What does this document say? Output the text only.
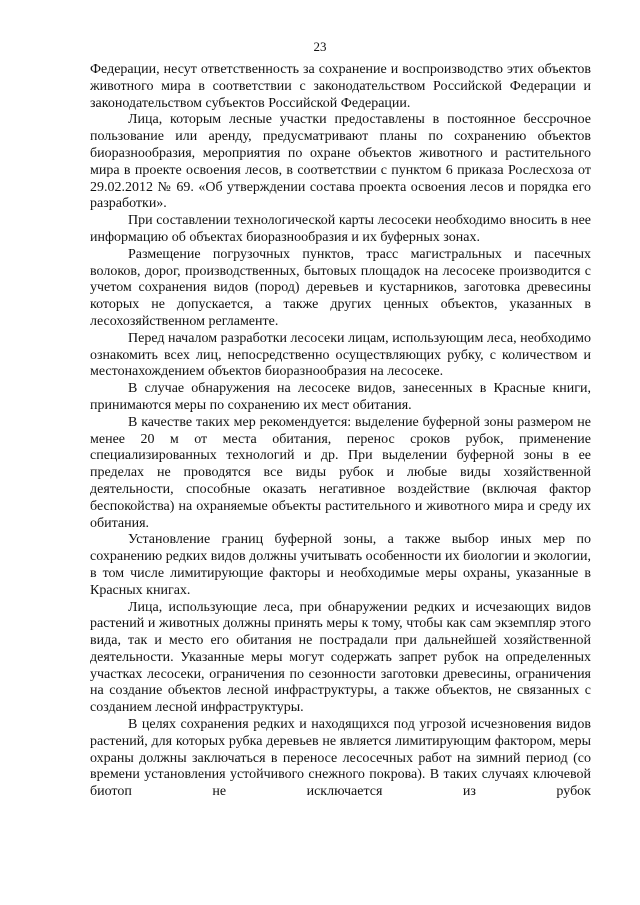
23

Федерации, несут ответственность за сохранение и воспроизводство этих объектов животного мира в соответствии с законодательством Российской Федерации и законодательством субъектов Российской Федерации.

Лица, которым лесные участки предоставлены в постоянное бессрочное пользование или аренду, предусматривают планы по сохранению объектов биоразнообразия, мероприятия по охране объектов животного и растительного мира в проекте освоения лесов, в соответствии с пунктом 6 приказа Рослесхоза от 29.02.2012 № 69. «Об утверждении состава проекта освоения лесов и порядка его разработки».

При составлении технологической карты лесосеки необходимо вносить в нее информацию об объектах биоразнообразия и их буферных зонах.

Размещение погрузочных пунктов, трасс магистральных и пасечных волоков, дорог, производственных, бытовых площадок на лесосеке производится с учетом сохранения видов (пород) деревьев и кустарников, заготовка древесины которых не допускается, а также других ценных объектов, указанных в лесохозяйственном регламенте.

Перед началом разработки лесосеки лицам, использующим леса, необходимо ознакомить всех лиц, непосредственно осуществляющих рубку, с количеством и местонахождением объектов биоразнообразия на лесосеке.

В случае обнаружения на лесосеке видов, занесенных в Красные книги, принимаются меры по сохранению их мест обитания.

В качестве таких мер рекомендуется: выделение буферной зоны размером не менее 20 м от места обитания, перенос сроков рубок, применение специализированных технологий и др. При выделении буферной зоны в ее пределах не проводятся все виды рубок и любые виды хозяйственной деятельности, способные оказать негативное воздействие (включая фактор беспокойства) на охраняемые объекты растительного и животного мира и среду их обитания.

Установление границ буферной зоны, а также выбор иных мер по сохранению редких видов должны учитывать особенности их биологии и экологии, в том числе лимитирующие факторы и необходимые меры охраны, указанные в Красных книгах.

Лица, использующие леса, при обнаружении редких и исчезающих видов растений и животных должны принять меры к тому, чтобы как сам экземпляр этого вида, так и место его обитания не пострадали при дальнейшей хозяйственной деятельности. Указанные меры могут содержать запрет рубок на определенных участках лесосеки, ограничения по сезонности заготовки древесины, ограничения на создание объектов лесной инфраструктуры, а также объектов, не связанных с созданием лесной инфраструктуры.

В целях сохранения редких и находящихся под угрозой исчезновения видов растений, для которых рубка деревьев не является лимитирующим фактором, меры охраны должны заключаться в переносе лесосечных работ на зимний период (со времени установления устойчивого снежного покрова). В таких случаях ключевой биотоп не исключается из рубок
